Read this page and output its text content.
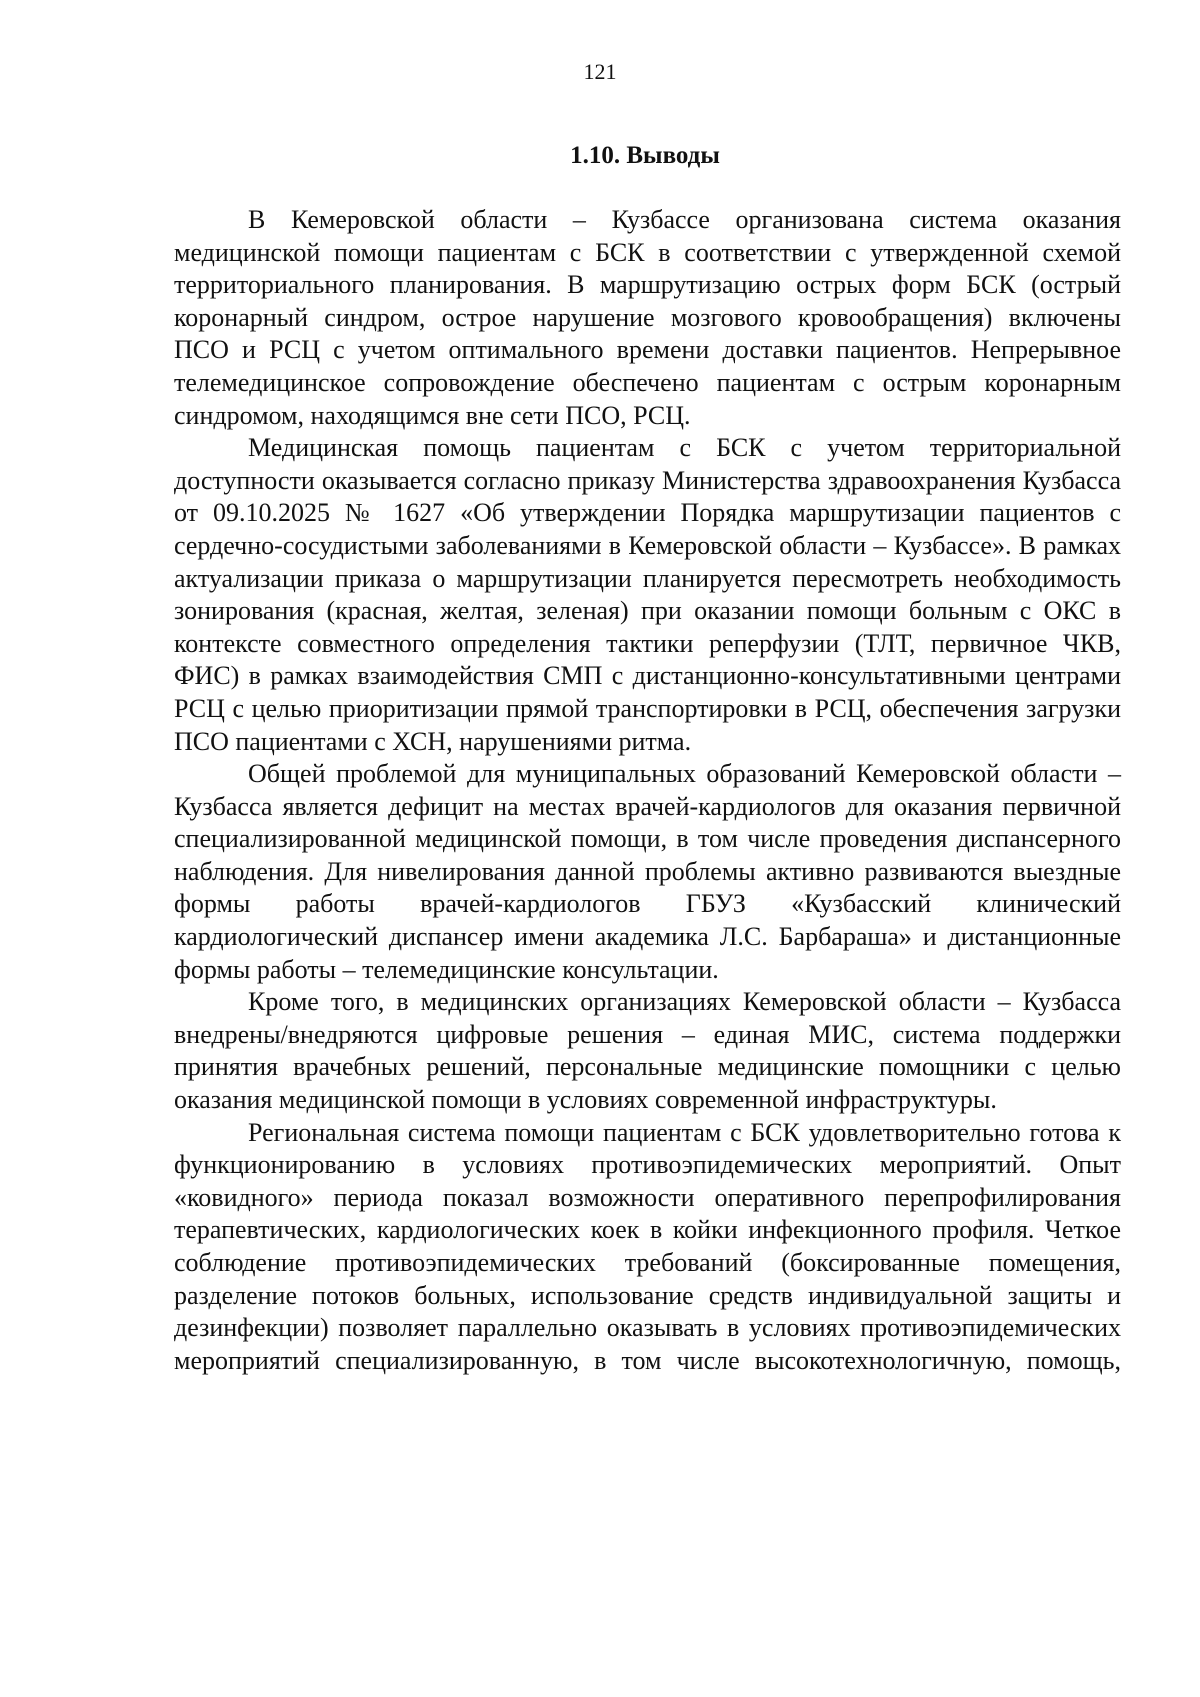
121
1.10. Выводы

В Кемеровской области – Кузбассе организована система оказания медицинской помощи пациентам с БСК в соответствии с утвержденной схемой территориального планирования. В маршрутизацию острых форм БСК (острый коронарный синдром, острое нарушение мозгового кровообращения) включены ПСО и РСЦ с учетом оптимального времени доставки пациентов. Непрерывное телемедицинское сопровождение обеспечено пациентам с острым коронарным синдромом, находящимся вне сети ПСО, РСЦ.

Медицинская помощь пациентам с БСК с учетом территориальной доступности оказывается согласно приказу Министерства здравоохранения Кузбасса от 09.10.2025 № 1627 «Об утверждении Порядка маршрутизации пациентов с сердечно-сосудистыми заболеваниями в Кемеровской области – Кузбассе». В рамках актуализации приказа о маршрутизации планируется пересмотреть необходимость зонирования (красная, желтая, зеленая) при оказании помощи больным с ОКС в контексте совместного определения тактики реперфузии (ТЛТ, первичное ЧКВ, ФИС) в рамках взаимодействия СМП с дистанционно-консультативными центрами РСЦ с целью приоритизации прямой транспортировки в РСЦ, обеспечения загрузки ПСО пациентами с ХСН, нарушениями ритма.

Общей проблемой для муниципальных образований Кемеровской области – Кузбасса является дефицит на местах врачей-кардиологов для оказания первичной специализированной медицинской помощи, в том числе проведения диспансерного наблюдения. Для нивелирования данной проблемы активно развиваются выездные формы работы врачей-кардиологов ГБУЗ «Кузбасский клинический кардиологический диспансер имени академика Л.С. Барбараша» и дистанционные формы работы – телемедицинские консультации.

Кроме того, в медицинских организациях Кемеровской области – Кузбасса внедрены/внедряются цифровые решения – единая МИС, система поддержки принятия врачебных решений, персональные медицинские помощники с целью оказания медицинской помощи в условиях современной инфраструктуры.

Региональная система помощи пациентам с БСК удовлетворительно готова к функционированию в условиях противоэпидемических мероприятий. Опыт «ковидного» периода показал возможности оперативного перепрофилирования терапевтических, кардиологических коек в койки инфекционного профиля. Четкое соблюдение противоэпидемических требований (боксированные помещения, разделение потоков больных, использование средств индивидуальной защиты и дезинфекции) позволяет параллельно оказывать в условиях противоэпидемических мероприятий специализированную, в том числе высокотехнологичную, помощь,
